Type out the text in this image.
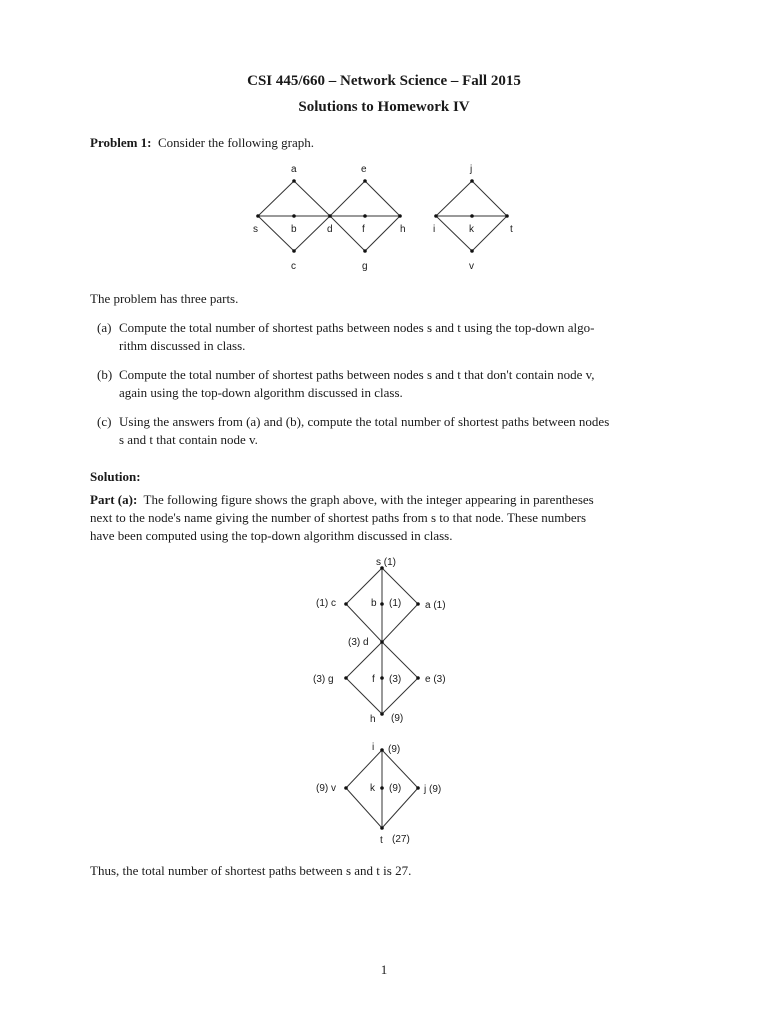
CSI 445/660 – Network Science – Fall 2015
Solutions to Homework IV
Problem 1: Consider the following graph.
a	e	j
s	b	d	f	h	i	k	t
c	g	v
The problem has three parts.
(a) Compute the total number of shortest paths between nodes s and t using the top-down algo-
rithm discussed in class.
(b) Compute the total number of shortest paths between nodes s and t that don't contain node v,
again using the top-down algorithm discussed in class.
(c) Using the answers from (a) and (b), compute the total number of shortest paths between nodes
s and t that contain node v.
Solution:
Part (a): The following figure shows the graph above, with the integer appearing in parentheses
next to the node's name giving the number of shortest paths from s to that node. These numbers
have been computed using the top-down algorithm discussed in class.
s (1)
(1) c	b (1) a (1)
(3) d
(3) g	f (3) e (3)
h (9)
i (9)
(9) v	k (9) j (9)
t (27)
Thus, the total number of shortest paths between s and t is 27.
1
